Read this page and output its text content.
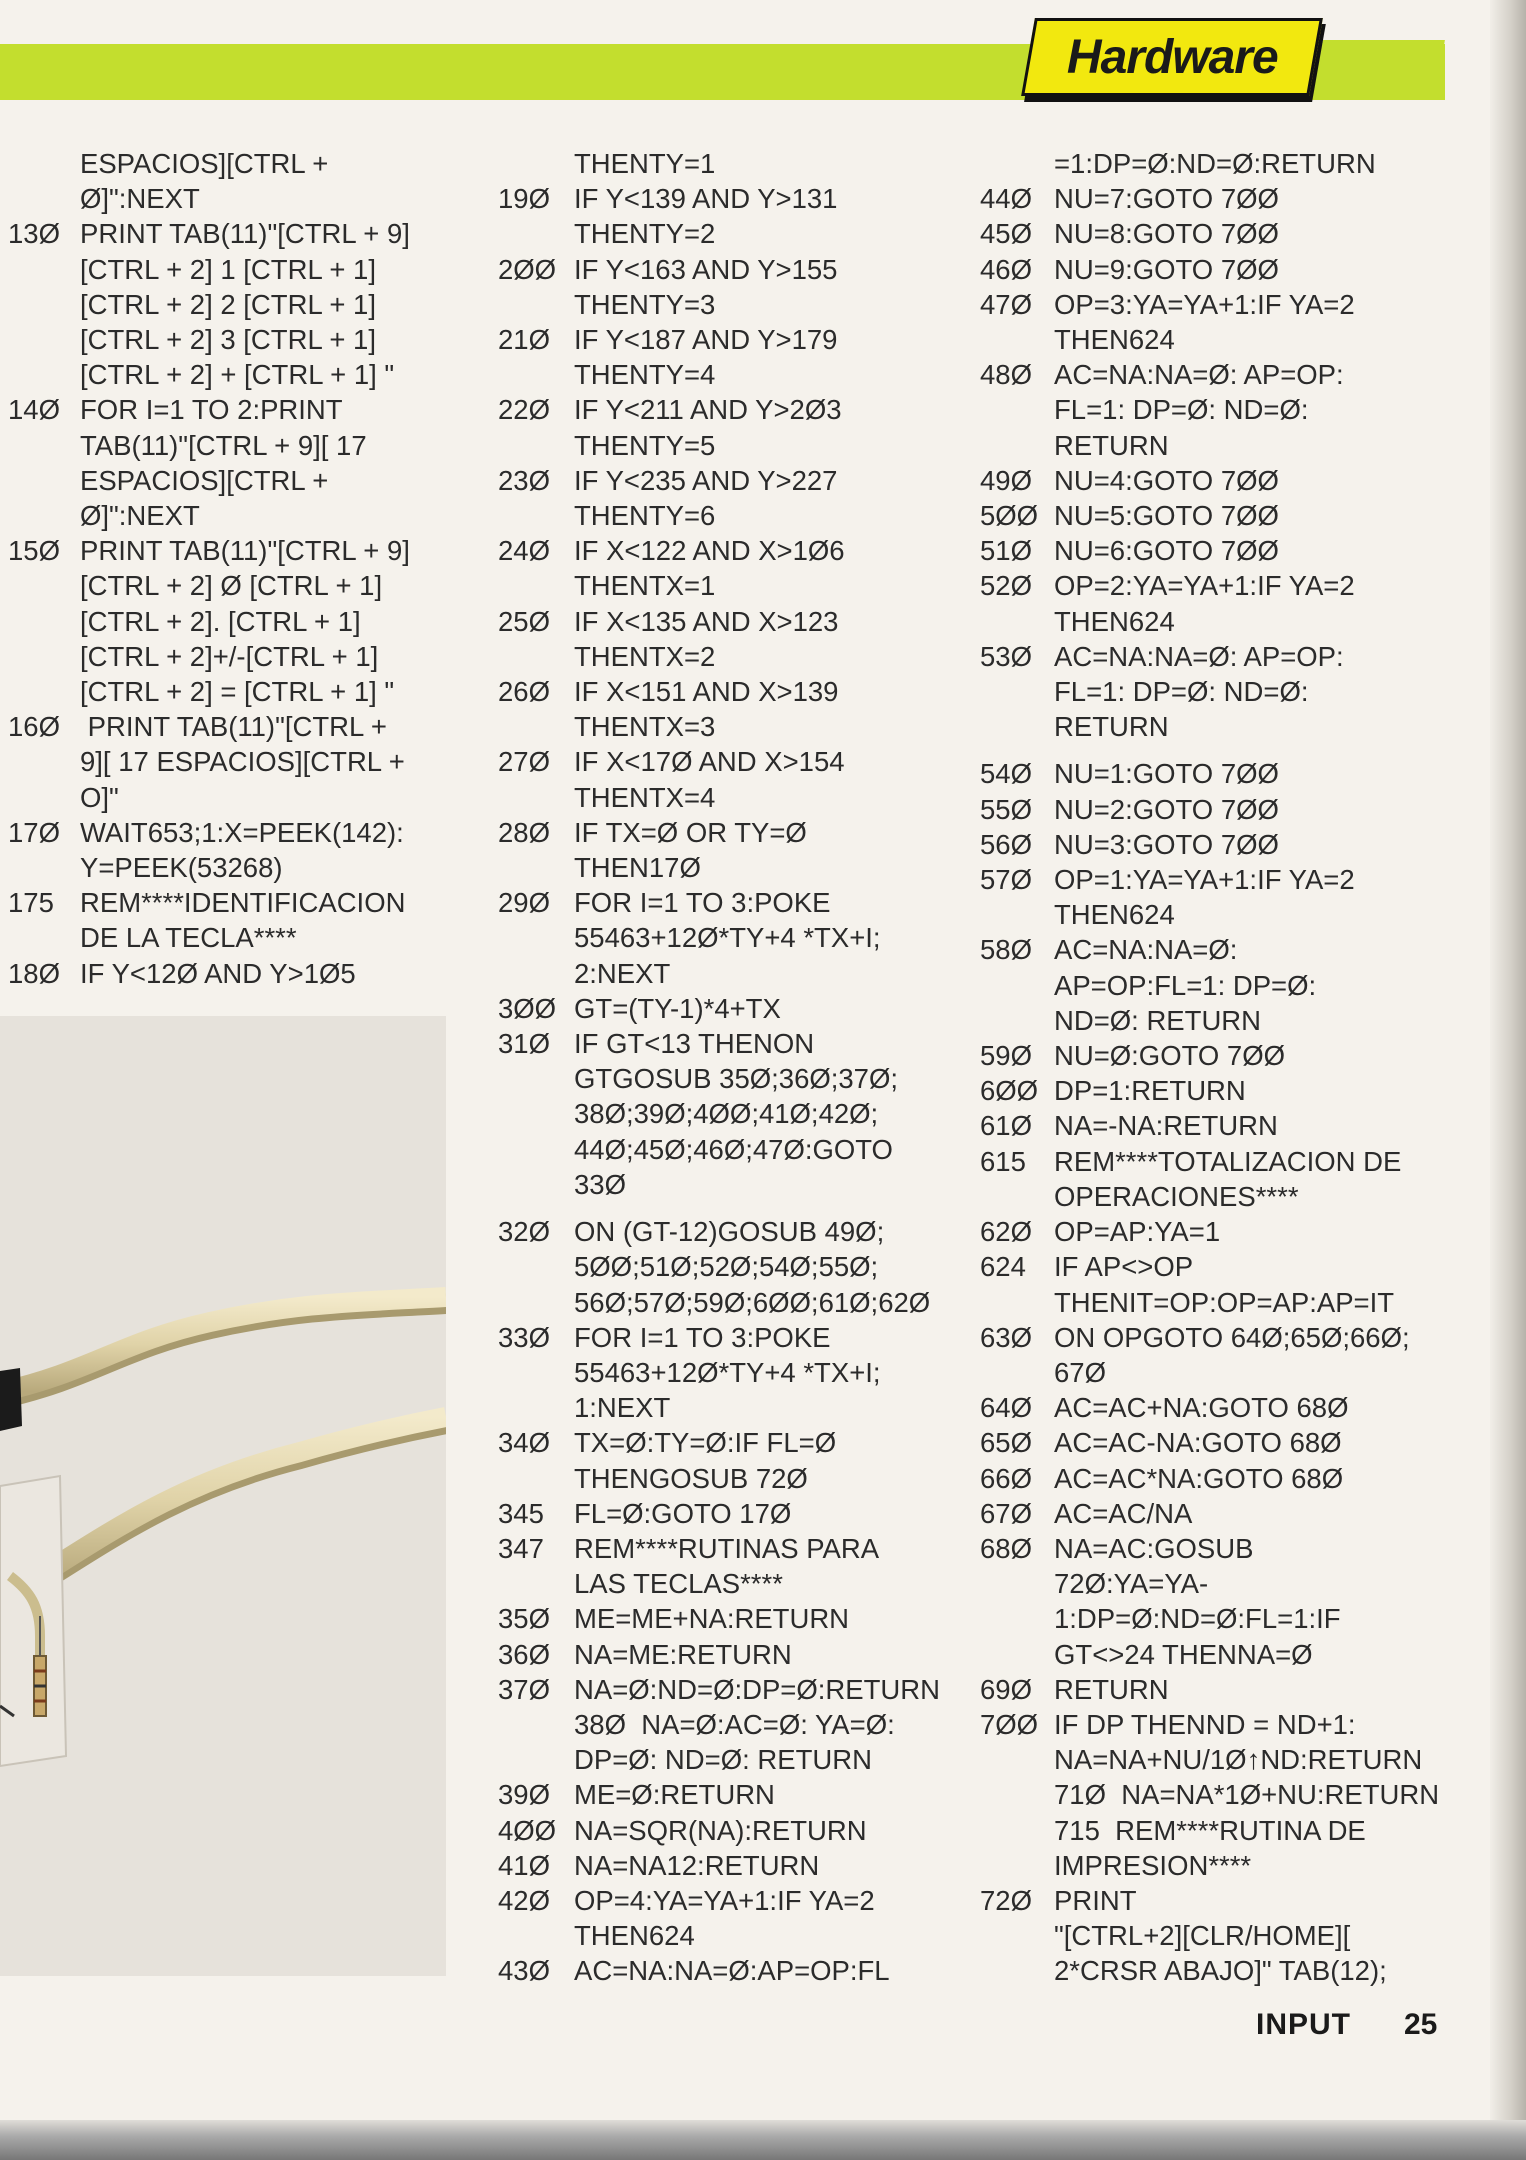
Hardware
ESPACIOS][CTRL +
Ø]":NEXT
13Ø PRINT TAB(11)"[CTRL + 9]
[CTRL + 2] 1 [CTRL + 1]
[CTRL + 2] 2 [CTRL + 1]
[CTRL + 2] 3 [CTRL + 1]
[CTRL + 2] + [CTRL + 1] "
14Ø FOR I=1 TO 2:PRINT
TAB(11)"[CTRL + 9][ 17
ESPACIOS][CTRL +
Ø]":NEXT
15Ø PRINT TAB(11)"[CTRL + 9]
[CTRL + 2] Ø [CTRL + 1]
[CTRL + 2]. [CTRL + 1]
[CTRL + 2]+/-[CTRL + 1]
[CTRL + 2] = [CTRL + 1] "
16Ø PRINT TAB(11)"[CTRL +
9][ 17 ESPACIOS][CTRL +
O]"
17Ø WAIT653;1:X=PEEK(142):
Y=PEEK(53268)
175 REM****IDENTIFICACION
DE LA TECLA****
18Ø IF Y<12Ø AND Y>1Ø5
THENTY=1
19Ø IF Y<139 AND Y>131
THENTY=2
2ØØ IF Y<163 AND Y>155
THENTY=3
21Ø IF Y<187 AND Y>179
THENTY=4
22Ø IF Y<211 AND Y>2Ø3
THENTY=5
23Ø IF Y<235 AND Y>227
THENTY=6
24Ø IF X<122 AND X>1Ø6
THENTX=1
25Ø IF X<135 AND X>123
THENTX=2
26Ø IF X<151 AND X>139
THENTX=3
27Ø IF X<17Ø AND X>154
THENTX=4
28Ø IF TX=Ø OR TY=Ø
THEN17Ø
29Ø FOR I=1 TO 3:POKE
55463+12Ø*TY+4 *TX+I;
2:NEXT
3ØØ GT=(TY-1)*4+TX
31Ø IF GT<13 THENON
GTGOSUB 35Ø;36Ø;37Ø;
38Ø;39Ø;4ØØ;41Ø;42Ø;
44Ø;45Ø;46Ø;47Ø:GOTO
33Ø
32Ø ON (GT-12)GOSUB 49Ø;
5ØØ;51Ø;52Ø;54Ø;55Ø;
56Ø;57Ø;59Ø;6ØØ;61Ø;62Ø
33Ø FOR I=1 TO 3:POKE
55463+12Ø*TY+4 *TX+I;
1:NEXT
34Ø TX=Ø:TY=Ø:IF FL=Ø
THENGOSUB 72Ø
345	FL=Ø:GOTO 17Ø
347	REM****RUTINAS PARA
LAS TECLAS****
35Ø ME=ME+NA:RETURN
36Ø NA=ME:RETURN
37Ø NA=Ø:ND=Ø:DP=Ø:RETURN
38Ø  NA=Ø:AC=Ø: YA=Ø:
DP=Ø: ND=Ø: RETURN
39Ø ME=Ø:RETURN
4ØØ NA=SQR(NA):RETURN
41Ø NA=NA12:RETURN
42Ø OP=4:YA=YA+1:IF YA=2
THEN624
43Ø AC=NA:NA=Ø:AP=OP:FL
=1:DP=Ø:ND=Ø:RETURN
44Ø NU=7:GOTO 7ØØ
45Ø NU=8:GOTO 7ØØ
46Ø NU=9:GOTO 7ØØ
47Ø OP=3:YA=YA+1:IF YA=2
THEN624
48Ø AC=NA:NA=Ø: AP=OP:
FL=1: DP=Ø: ND=Ø:
RETURN
49Ø NU=4:GOTO 7ØØ
5ØØ NU=5:GOTO 7ØØ
51Ø NU=6:GOTO 7ØØ
52Ø OP=2:YA=YA+1:IF YA=2
THEN624
53Ø AC=NA:NA=Ø: AP=OP:
FL=1: DP=Ø: ND=Ø:
RETURN
54Ø NU=1:GOTO 7ØØ
55Ø NU=2:GOTO 7ØØ
56Ø NU=3:GOTO 7ØØ
57Ø OP=1:YA=YA+1:IF YA=2
THEN624
58Ø AC=NA:NA=Ø:
AP=OP:FL=1: DP=Ø:
ND=Ø: RETURN
59Ø NU=Ø:GOTO 7ØØ
6ØØ DP=1:RETURN
61Ø NA=-NA:RETURN
615	REM****TOTALIZACION DE
OPERACIONES****
62Ø OP=AP:YA=1
624	IF AP<>OP
THENIT=OP:OP=AP:AP=IT
63Ø ON OPGOTO 64Ø;65Ø;66Ø;
67Ø
64Ø AC=AC+NA:GOTO 68Ø
65Ø AC=AC-NA:GOTO 68Ø
66Ø AC=AC*NA:GOTO 68Ø
67Ø AC=AC/NA
68Ø NA=AC:GOSUB
72Ø:YA=YA-
1:DP=Ø:ND=Ø:FL=1:IF
GT<>24 THENNA=Ø
69Ø RETURN
7ØØ IF DP THENND = ND+1:
NA=NA+NU/1Ø↑ND:RETURN
71Ø  NA=NA*1Ø+NU:RETURN
715  REM****RUTINA DE
IMPRESION****
72Ø PRINT
"[CTRL+2][CLR/HOME][
2*CRSR ABAJO]" TAB(12);
INPUT 25
